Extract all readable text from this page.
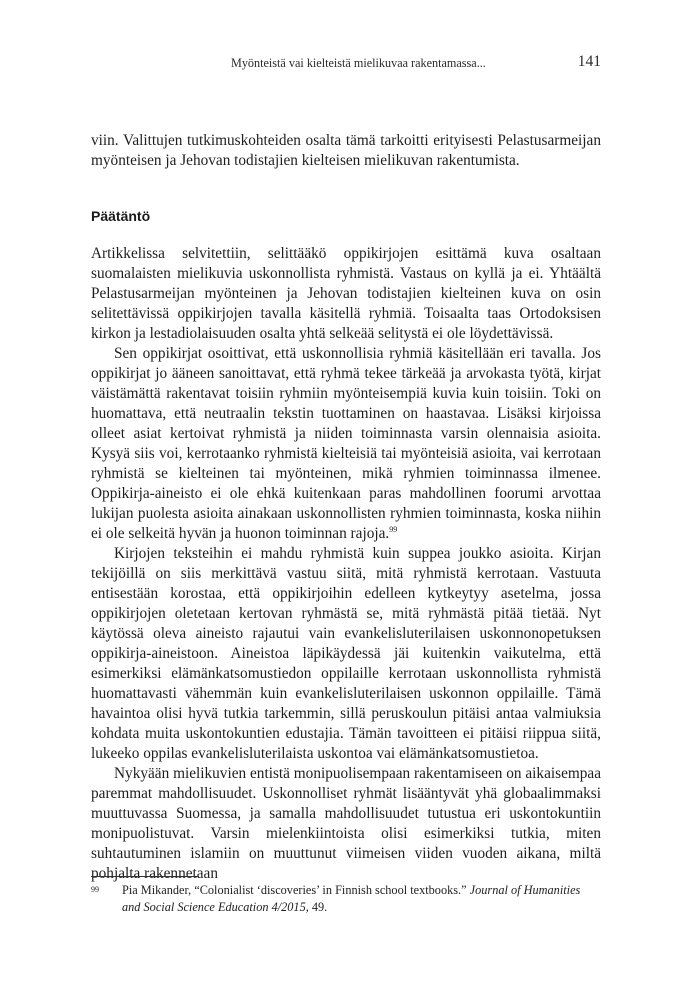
Myönteistä vai kielteistä mielikuvaa rakentamassa...	141

viin. Valittujen tutkimuskohteiden osalta tämä tarkoitti erityisesti Pelastusarmeijan myönteisen ja Jehovan todistajien kielteisen mielikuvan rakentumista.

Päätäntö

Artikkelissa selvitettiin, selittääkö oppikirjojen esittämä kuva osaltaan suomalaisten mielikuvia uskonnollista ryhmistä. Vastaus on kyllä ja ei. Yhtäältä Pelastusarmeijan myönteinen ja Jehovan todistajien kielteinen kuva on osin selitettävissä oppikirjojen tavalla käsitellä ryhmiä. Toisaalta taas Ortodoksisen kirkon ja lestadiolaisuuden osalta yhtä selkeää selitystä ei ole löydettävissä.

Sen oppikirjat osoittivat, että uskonnollisia ryhmiä käsitellään eri tavalla. Jos oppikirjat jo ääneen sanoittavat, että ryhmä tekee tärkeää ja arvokasta työtä, kirjat väistämättä rakentavat toisiin ryhmiin myönteisempiä kuvia kuin toisiin. Toki on huomattava, että neutraalin tekstin tuottaminen on haastavaa. Lisäksi kirjoissa olleet asiat kertoivat ryhmistä ja niiden toiminnasta varsin olennaisia asioita. Kysyä siis voi, kerrotaanko ryhmistä kielteisiä tai myönteisiä asioita, vai kerrotaan ryhmistä se kielteinen tai myönteinen, mikä ryhmien toiminnassa ilmenee. Oppikirja-aineisto ei ole ehkä kuitenkaan paras mahdollinen foorumi arvottaa lukijan puolesta asioita ainakaan uskonnollisten ryhmien toiminnasta, koska niihin ei ole selkeitä hyvän ja huonon toiminnan rajoja.$^{99}$

Kirjojen teksteihin ei mahdu ryhmistä kuin suppea joukko asioita. Kirjan tekijöillä on siis merkittävä vastuu siitä, mitä ryhmistä kerrotaan. Vastuuta entisestään korostaa, että oppikirjoihin edelleen kytkeytyy asetelma, jossa oppikirjojen oletetaan kertovan ryhmästä se, mitä ryhmästä pitää tietää. Nyt käytössä oleva aineisto rajautui vain evankelisluterilaisen uskonnonopetuksen oppikirja-aineistoon. Aineistoa läpikäydessä jäi kuitenkin vaikutelma, että esimerkiksi elämänkatsomustiedon oppilaille kerrotaan uskonnollista ryhmistä huomattavasti vähemmän kuin evankelisluterilaisen uskonnon oppilaille. Tämä havaintoa olisi hyvä tutkia tarkemmin, sillä peruskoulun pitäisi antaa valmiuksia kohdata muita uskontokuntien edustajia. Tämän tavoitteen ei pitäisi riippua siitä, lukeeko oppilas evankelisluterilaista uskontoa vai elämänkatsomustietoa.

Nykyään mielikuvien entistä monipuolisempaan rakentamiseen on aikaisempaa paremmat mahdollisuudet. Uskonnolliset ryhmät lisääntyvät yhä globaalimmaksi muuttuvassa Suomessa, ja samalla mahdollisuudet tutustua eri uskontokuntiin monipuolistuvat. Varsin mielenkiintoista olisi esimerkiksi tutkia, miten suhtautuminen islamiin on muuttunut viimeisen viiden vuoden aikana, miltä pohjalta rakennetaan

99	Pia Mikander, “Colonialist ‘discoveries’ in Finnish school textbooks.” Journal of Humanities and Social Science Education 4/2015, 49.
